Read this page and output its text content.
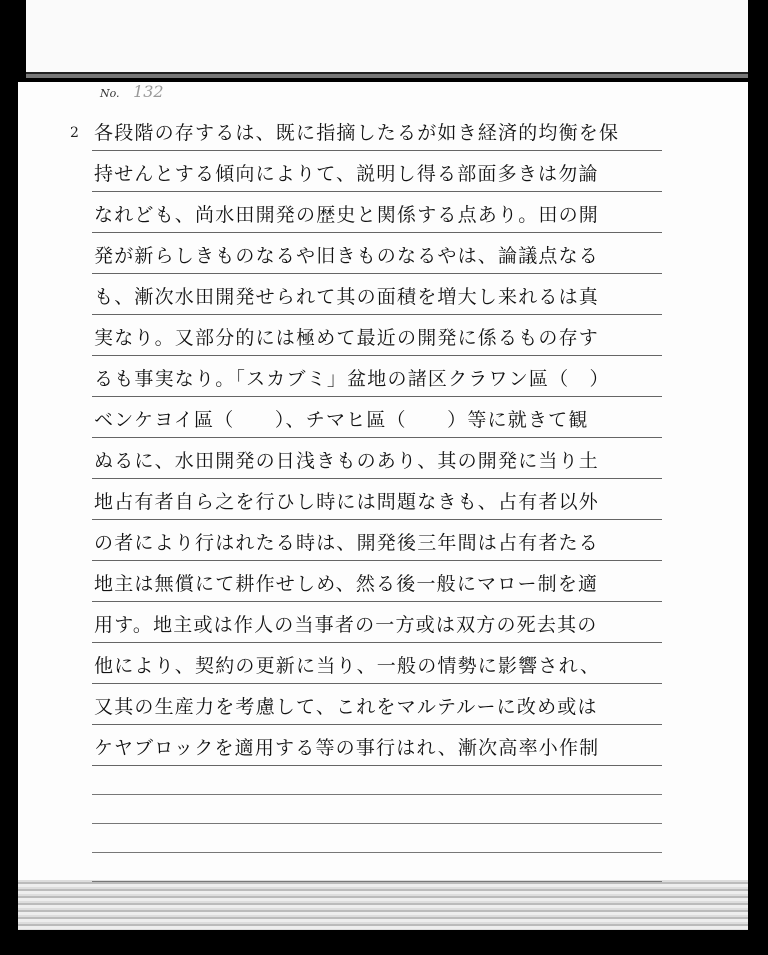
No. 132
2 各段階の存するは、既に指摘したるが如き経済的均衡を保
持せんとする傾向によりて、説明し得る部面多きは勿論
なれども、尚水田開発の歴史と関係する点あり。田の開
発が新らしきものなるや旧きものなるやは、論議点なる
も、漸次水田開発せられて其の面積を増大し来れるは真
実なり。又部分的には極めて最近の開発に係るもの存す
るも事実なり。「スカブミ」盆地の諸区クラワン區（　）
ベンケヨイ區（　　）、チマヒ區（　　）等に就きて観
ぬるに、水田開発の日浅きものあり、其の開発に当り土
地占有者自ら之を行ひし時には問題なきも、占有者以外
の者により行はれたる時は、開発後三年間は占有者たる
地主は無償にて耕作せしめ、然る後一般にマロー制を適
用す。地主或は作人の当事者の一方或は双方の死去其の
他により、契約の更新に当り、一般の情勢に影響され、
又其の生産力を考慮して、これをマルテルーに改め或は
ケヤブロックを適用する等の事行はれ、漸次高率小作制
